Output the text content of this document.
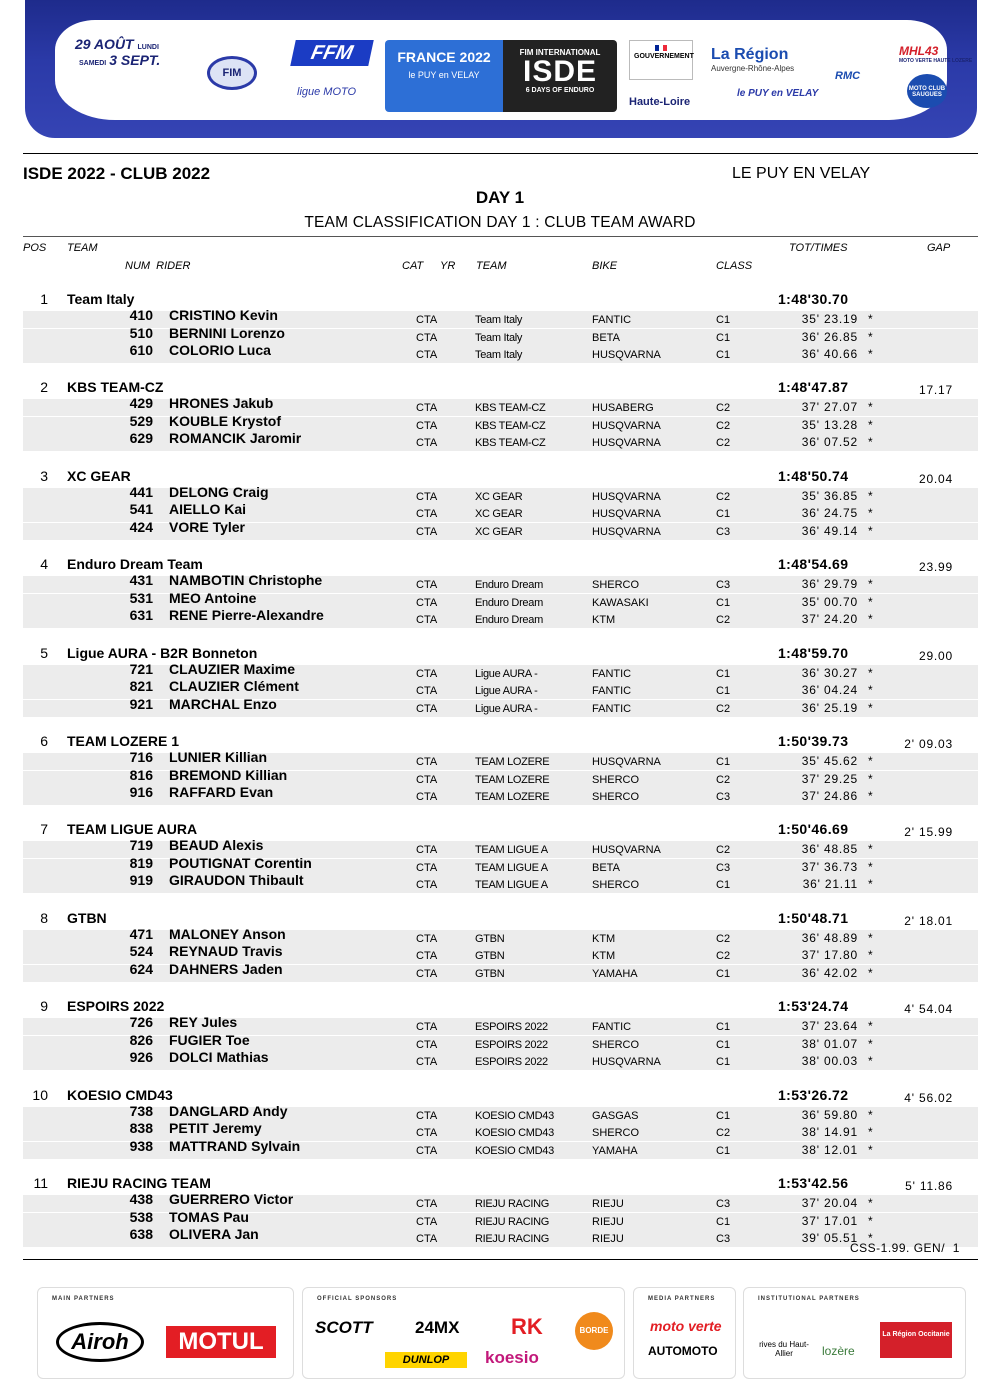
29 AOÛT LUNDI
SAMEDI 3 SEPT.
FIM
FFM
ligue MOTO
FRANCE 2022
le PUY en VELAY
FIM INTERNATIONAL
ISDE
6 DAYS OF ENDURO
GOUVERNEMENT
Haute-Loire
La Région
Auvergne-Rhône-Alpes
le PUY en VELAY
RMC
MHL43
MOTO VERTE HAUTE LOZERE
MOTO CLUB SAUGUES
ISDE 2022 - CLUB 2022	LE PUY EN VELAY
DAY 1
TEAM CLASSIFICATION DAY 1 : CLUB TEAM AWARD
POS TEAM	TOT/TIMES	GAP
NUM  RIDER	CAT YR TEAM	BIKE	CLASS
1 Team Italy	1:48'30.70
410 CRISTINO Kevin	CTA	Team Italy	FANTIC	C1	35' 23.19 *
510 BERNINI Lorenzo	CTA	Team Italy	BETA	C1	36' 26.85 *
610 COLORIO Luca	CTA	Team Italy	HUSQVARNA	C1	36' 40.66 *
2 KBS TEAM-CZ	1:48'47.87	17.17
429 HRONES Jakub	CTA	KBS TEAM-CZ	HUSABERG	C2	37' 27.07 *
529 KOUBLE Krystof	CTA	KBS TEAM-CZ	HUSQVARNA	C2	35' 13.28 *
629 ROMANCIK Jaromir	CTA	KBS TEAM-CZ	HUSQVARNA	C2	36' 07.52 *
3 XC GEAR	1:48'50.74	20.04
441 DELONG Craig	CTA	XC GEAR	HUSQVARNA	C2	35' 36.85 *
541 AIELLO Kai	CTA	XC GEAR	HUSQVARNA	C1	36' 24.75 *
424 VORE Tyler	CTA	XC GEAR	HUSQVARNA	C3	36' 49.14 *
4 Enduro Dream Team	1:48'54.69	23.99
431 NAMBOTIN Christophe	CTA	Enduro Dream	SHERCO	C3	36' 29.79 *
531 MEO Antoine	CTA	Enduro Dream	KAWASAKI	C1	35' 00.70 *
631 RENE Pierre-Alexandre	CTA	Enduro Dream	KTM	C2	37' 24.20 *
5 Ligue AURA - B2R Bonneton	1:48'59.70	29.00
721 CLAUZIER Maxime	CTA	Ligue AURA -	FANTIC	C1	36' 30.27 *
821 CLAUZIER Clément	CTA	Ligue AURA -	FANTIC	C1	36' 04.24 *
921 MARCHAL Enzo	CTA	Ligue AURA -	FANTIC	C2	36' 25.19 *
6 TEAM LOZERE 1	1:50'39.73	2' 09.03
716 LUNIER Killian	CTA	TEAM LOZERE	HUSQVARNA	C1	35' 45.62 *
816 BREMOND Killian	CTA	TEAM LOZERE	SHERCO	C2	37' 29.25 *
916 RAFFARD Evan	CTA	TEAM LOZERE	SHERCO	C3	37' 24.86 *
7 TEAM LIGUE AURA	1:50'46.69	2' 15.99
719 BEAUD Alexis	CTA	TEAM LIGUE A	HUSQVARNA	C2	36' 48.85 *
819 POUTIGNAT Corentin	CTA	TEAM LIGUE A	BETA	C3	37' 36.73 *
919 GIRAUDON Thibault	CTA	TEAM LIGUE A	SHERCO	C1	36' 21.11 *
8 GTBN	1:50'48.71	2' 18.01
471 MALONEY Anson	CTA	GTBN	KTM	C2	36' 48.89 *
524 REYNAUD Travis	CTA	GTBN	KTM	C2	37' 17.80 *
624 DAHNERS Jaden	CTA	GTBN	YAMAHA	C1	36' 42.02 *
9 ESPOIRS 2022	1:53'24.74	4' 54.04
726 REY Jules	CTA	ESPOIRS 2022	FANTIC	C1	37' 23.64 *
826 FUGIER Toe	CTA	ESPOIRS 2022	SHERCO	C1	38' 01.07 *
926 DOLCI Mathias	CTA	ESPOIRS 2022	HUSQVARNA	C1	38' 00.03 *
10 KOESIO CMD43	1:53'26.72	4' 56.02
738 DANGLARD Andy	CTA	KOESIO CMD43	GASGAS	C1	36' 59.80 *
838 PETIT Jeremy	CTA	KOESIO CMD43	SHERCO	C2	38' 14.91 *
938 MATTRAND Sylvain	CTA	KOESIO CMD43	YAMAHA	C1	38' 12.01 *
11 RIEJU RACING TEAM	1:53'42.56	5' 11.86
438 GUERRERO Victor	CTA	RIEJU RACING	RIEJU	C3	37' 20.04 *
538 TOMAS Pau	CTA	RIEJU RACING	RIEJU	C1	37' 17.01 *
638 OLIVERA Jan	CTA	RIEJU RACING	RIEJU	C3	39' 05.51 *
CSS-1.99. GEN/  1
MAIN PARTNERS
Airoh	MOTUL
OFFICIAL SPONSORS
SCOTT 24MX RK	BORDE
DUNLOP	koesio
MEDIA PARTNERS
moto verte
AUTOMOTO
INSTITUTIONAL PARTNERS
rives du Haut-Allier	lozère
La Région Occitanie
